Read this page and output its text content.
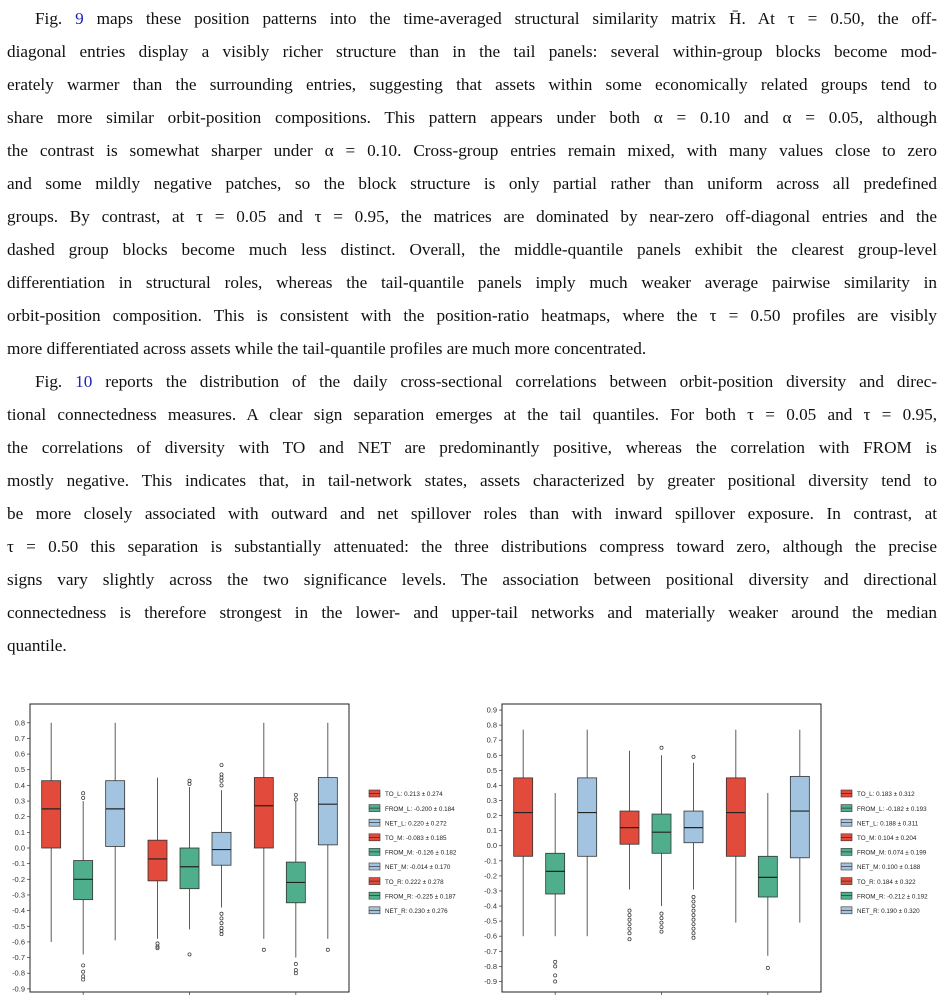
Fig. 9 maps these position patterns into the time-averaged structural similarity matrix H̄. At τ = 0.50, the off-
diagonal entries display a visibly richer structure than in the tail panels: several within-group blocks become mod-
erately warmer than the surrounding entries, suggesting that assets within some economically related groups tend to
share more similar orbit-position compositions. This pattern appears under both α = 0.10 and α = 0.05, although
the contrast is somewhat sharper under α = 0.10. Cross-group entries remain mixed, with many values close to zero
and some mildly negative patches, so the block structure is only partial rather than uniform across all predefined
groups. By contrast, at τ = 0.05 and τ = 0.95, the matrices are dominated by near-zero off-diagonal entries and the
dashed group blocks become much less distinct. Overall, the middle-quantile panels exhibit the clearest group-level
differentiation in structural roles, whereas the tail-quantile panels imply much weaker average pairwise similarity in
orbit-position composition. This is consistent with the position-ratio heatmaps, where the τ = 0.50 profiles are visibly
more differentiated across assets while the tail-quantile profiles are much more concentrated.
Fig. 10 reports the distribution of the daily cross-sectional correlations between orbit-position diversity and direc-
tional connectedness measures. A clear sign separation emerges at the tail quantiles. For both τ = 0.05 and τ = 0.95,
the correlations of diversity with TO and NET are predominantly positive, whereas the correlation with FROM is
mostly negative. This indicates that, in tail-network states, assets characterized by greater positional diversity tend to
be more closely associated with outward and net spillover roles than with inward spillover exposure. In contrast, at
τ = 0.50 this separation is substantially attenuated: the three distributions compress toward zero, although the precise
signs vary slightly across the two significance levels. The association between positional diversity and directional
connectedness is therefore strongest in the lower- and upper-tail networks and materially weaker around the median
quantile.
0.8
0.7
0.6
0.5
0.4
0.3
0.2
0.1
0.0
-0.1
-0.2
-0.3
-0.4
-0.5
-0.6
-0.7
-0.8
-0.9
TO_L: 0.213 ± 0.274
FROM_L: -0.200 ± 0.184
NET_L: 0.220 ± 0.272
TO_M: -0.083 ± 0.185
FROM_M: -0.126 ± 0.182
NET_M: -0.014 ± 0.170
TO_R: 0.222 ± 0.278
FROM_R: -0.225 ± 0.187
NET_R: 0.230 ± 0.276
0.9
0.8
0.7
0.6
0.5
0.4
0.3
0.2
0.1
0.0
-0.1
-0.2
-0.3
-0.4
-0.5
-0.6
-0.7
-0.8
-0.9
TO_L: 0.183 ± 0.312
FROM_L: -0.182 ± 0.193
NET_L: 0.188 ± 0.311
TO_M: 0.104 ± 0.204
FROM_M: 0.074 ± 0.199
NET_M: 0.100 ± 0.188
TO_R: 0.184 ± 0.322
FROM_R: -0.212 ± 0.192
NET_R: 0.190 ± 0.320
